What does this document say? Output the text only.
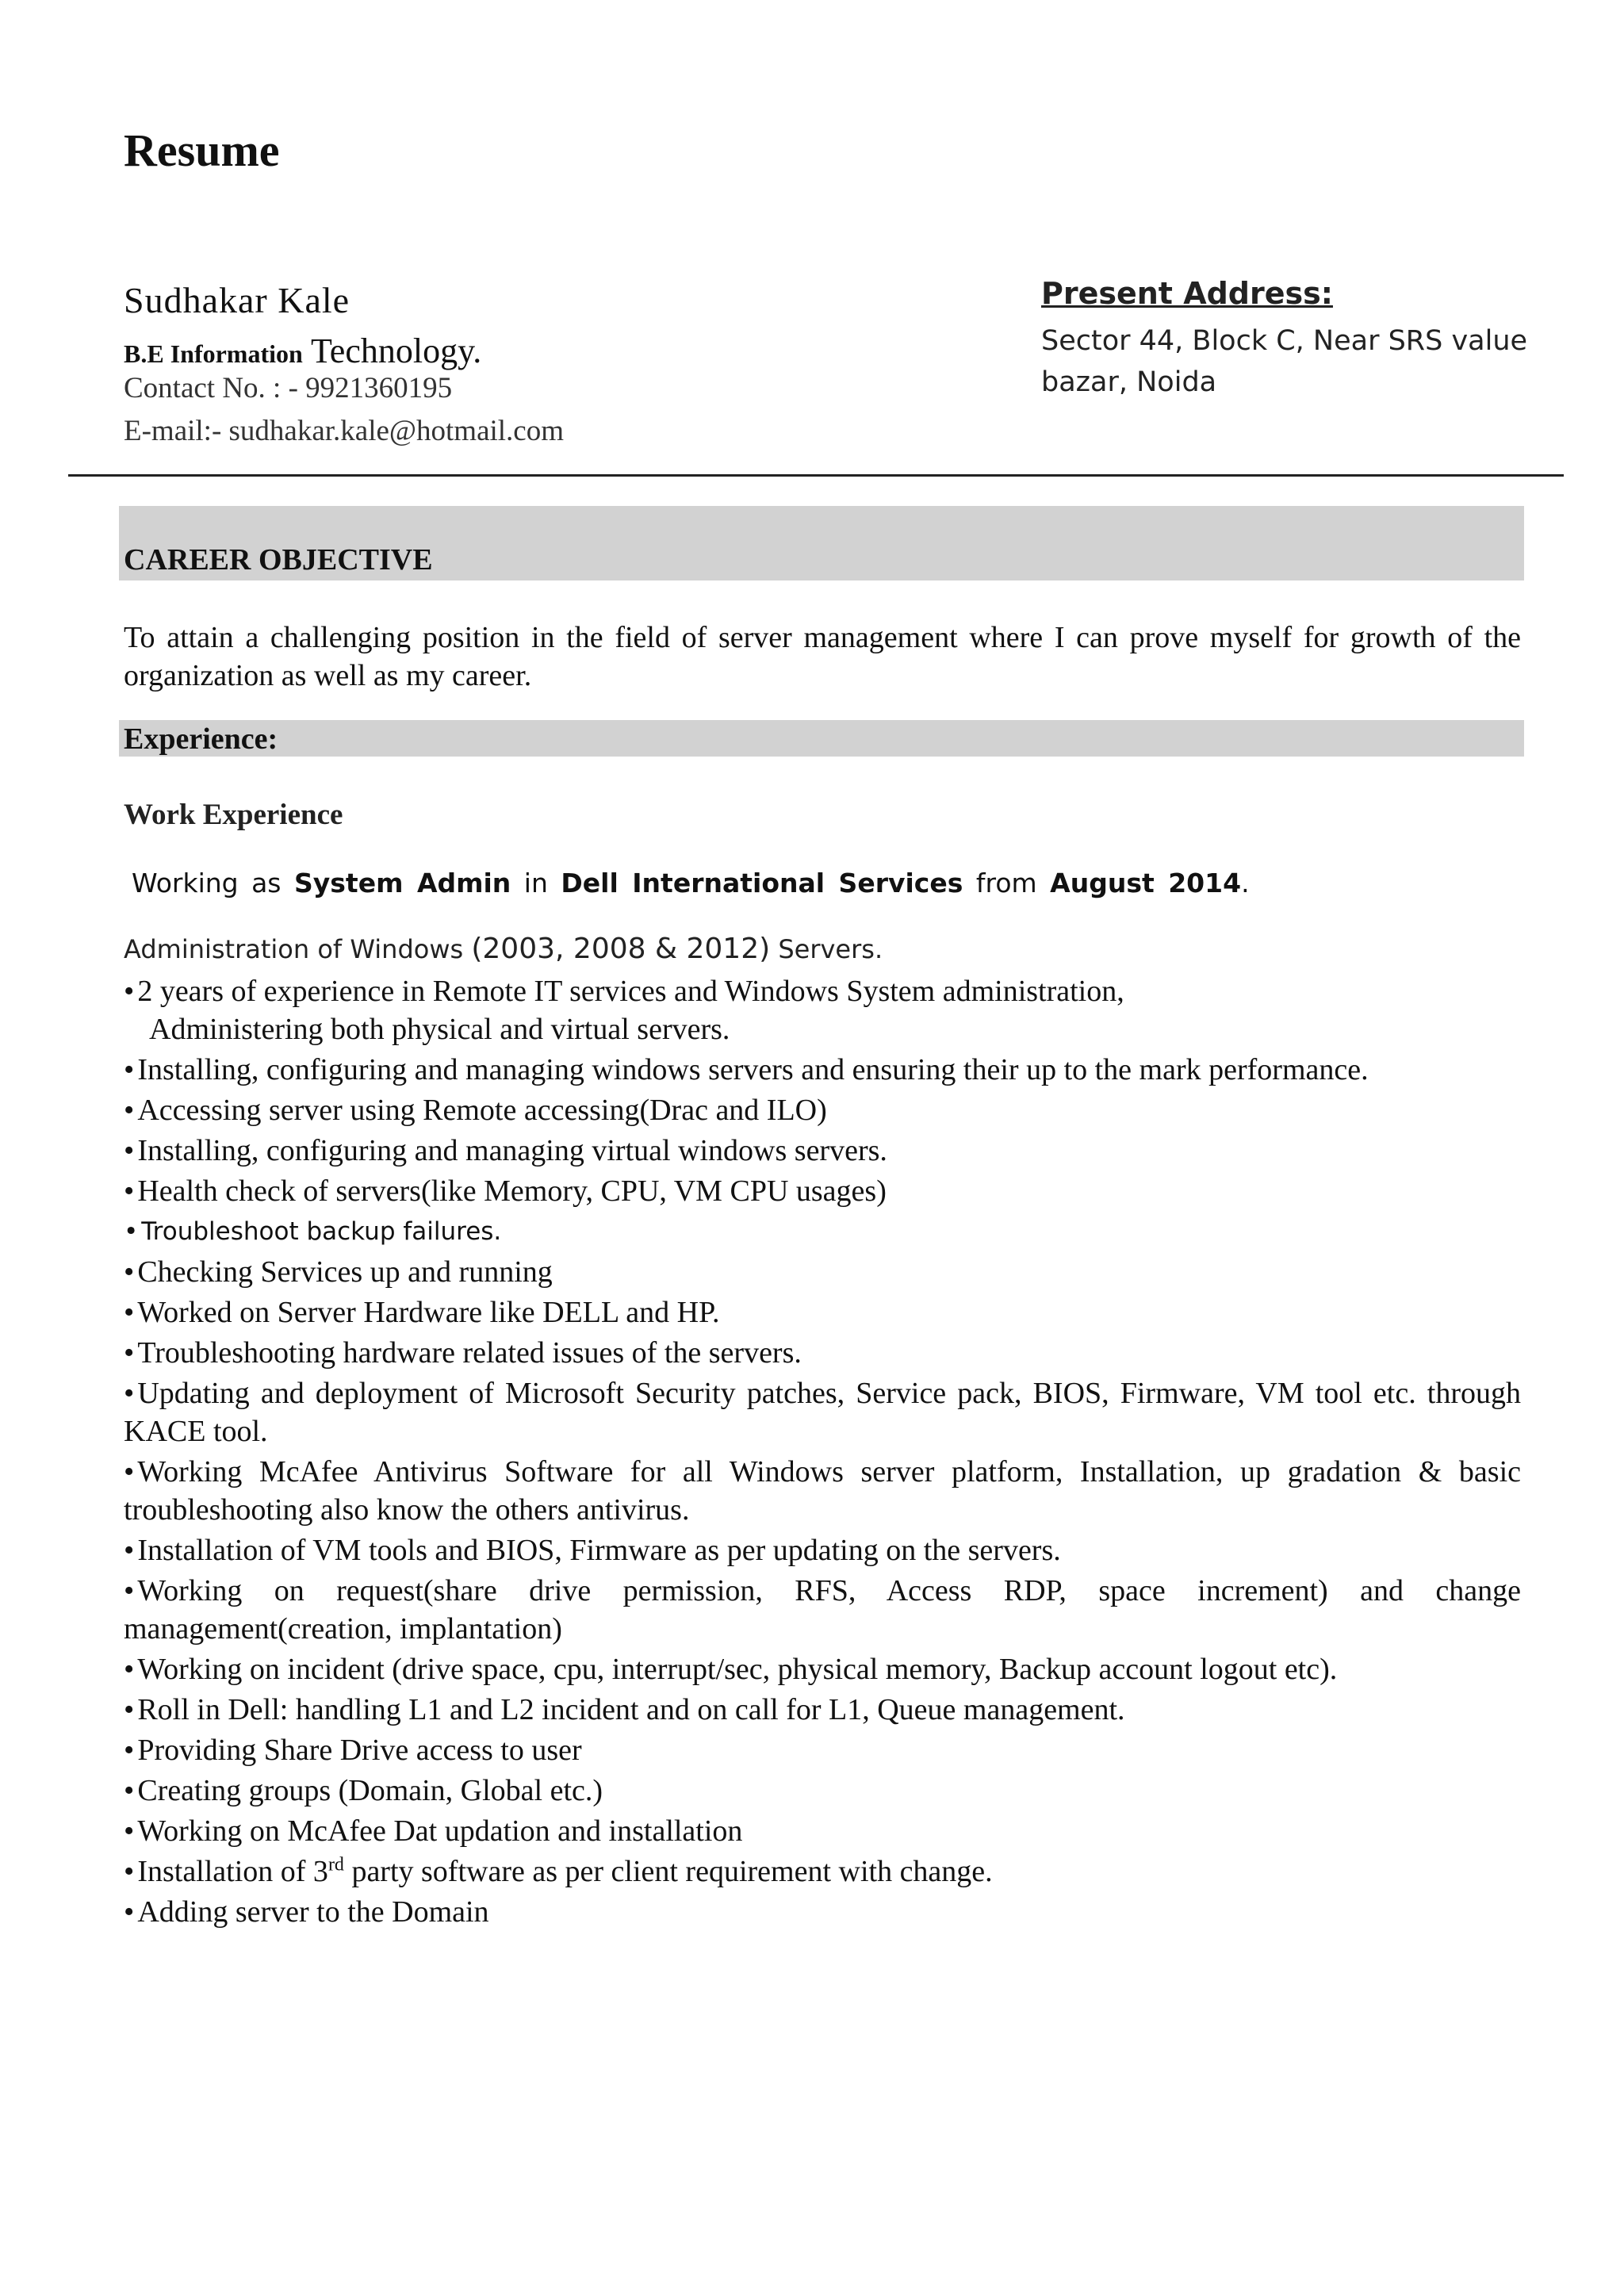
Resume
Sudhakar Kale
B.E Information Technology.
Contact No. : - 9921360195
E-mail:- sudhakar.kale@hotmail.com
Present Address:
Sector 44, Block C, Near SRS value
bazar, Noida
CAREER OBJECTIVE
To attain a challenging position in the field of server management where I can prove myself for growth of the organization as well as my career.
Experience:
Work Experience
Working as System Admin in Dell International Services from August 2014.
Administration of Windows (2003, 2008 & 2012) Servers.
• 2 years of experience in Remote IT services and Windows System administration,
Administering both physical and virtual servers.
• Installing, configuring and managing windows servers and ensuring their up to the mark performance.
• Accessing server using Remote accessing(Drac and ILO)
• Installing, configuring and managing virtual windows servers.
• Health check of servers(like Memory, CPU, VM CPU usages)
• Troubleshoot backup failures.
• Checking Services up and running
• Worked on Server Hardware like DELL and HP.
• Troubleshooting hardware related issues of the servers.
• Updating and deployment of Microsoft Security patches, Service pack, BIOS, Firmware, VM tool etc. through KACE tool.
• Working McAfee Antivirus Software for all Windows server platform, Installation, up gradation & basic troubleshooting also know the others antivirus.
• Installation of VM tools and BIOS, Firmware as per updating on the servers.
• Working on request(share drive permission, RFS, Access RDP, space increment) and change management(creation, implantation)
• Working on incident (drive space, cpu, interrupt/sec, physical memory, Backup account logout etc).
• Roll in Dell: handling L1 and L2 incident and on call for L1, Queue management.
• Providing Share Drive access to user
• Creating groups (Domain, Global etc.)
• Working on McAfee Dat updation and installation
• Installation of 3rd party software as per client requirement with change.
• Adding server to the Domain
